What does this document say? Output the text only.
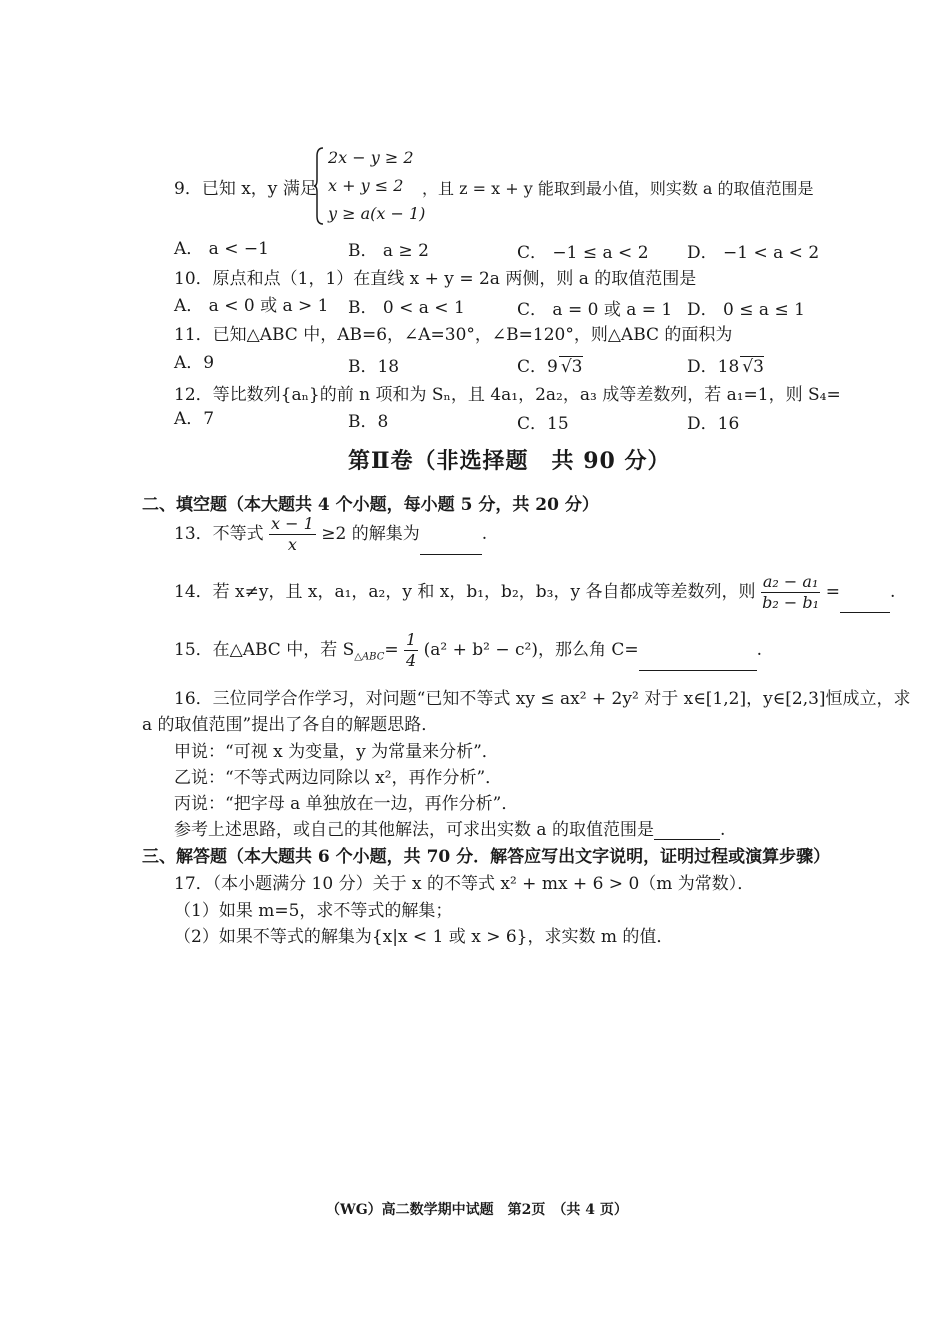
9．已知 x，y 满足
2x − y ≥ 2
x + y ≤ 2
y ≥ a(x − 1)
，且 z = x + y 能取到最小值，则实数 a 的取值范围是
A． a < −1	B． a ≥ 2	C． −1 ≤ a < 2 D． −1 < a < 2
10．原点和点（1，1）在直线 x + y = 2a 两侧，则 a 的取值范围是
A． a < 0 或 a > 1 B． 0 < a < 1	C． a = 0 或 a = 1 D． 0 ≤ a ≤ 1
11．已知△ABC 中，AB=6，∠A=30°，∠B=120°，则△ABC 的面积为
A．9	B．18	C．9 √3	D．18 √3
12．等比数列{aₙ}的前 n 项和为 Sₙ，且 4a₁，2a₂，a₃ 成等差数列，若 a₁=1，则 S₄=
A．7	B．8	C．15	D．16
第Ⅱ卷（非选择题　共 90 分）
二、填空题（本大题共 4 个小题，每小题 5 分，共 20 分）
13．不等式 $\frac{x - 1}{x} \ge 2$ 的解集为	.
14．若 x≠y，且 x，a₁，a₂，y 和 x，b₁，b₂，b₃，y 各自都成等差数列，则 $\frac{\text{a₂ − a₁}}{\text{b₂ − b₁}}$ =	.
15．在△ABC 中，若 $S_{\triangle ABC}= \frac{1}{4} (a^2 + b^2 - c^2)$，那么角 C=	.
16．三位同学合作学习，对问题“已知不等式 xy ≤ ax² + 2y² 对于 x∈[1,2]，y∈[2,3]恒成立，求
a 的取值范围”提出了各自的解题思路．
甲说：“可视 x 为变量，y 为常量来分析”．
乙说：“不等式两边同除以 x²，再作分析”．
丙说：“把字母 a 单独放在一边，再作分析”．
参考上述思路，或自己的其他解法，可求出实数 a 的取值范围是	.
三、解答题（本大题共 6 个小题，共 70 分．解答应写出文字说明，证明过程或演算步骤）
17．（本小题满分 10 分）关于 x 的不等式 x² + mx + 6 > 0（m 为常数）．
（1）如果 m=5，求不等式的解集；
（2）如果不等式的解集为{x|x < 1 或 x > 6}，求实数 m 的值．
（WG）高二数学期中试题　第2页　（共 4 页）
